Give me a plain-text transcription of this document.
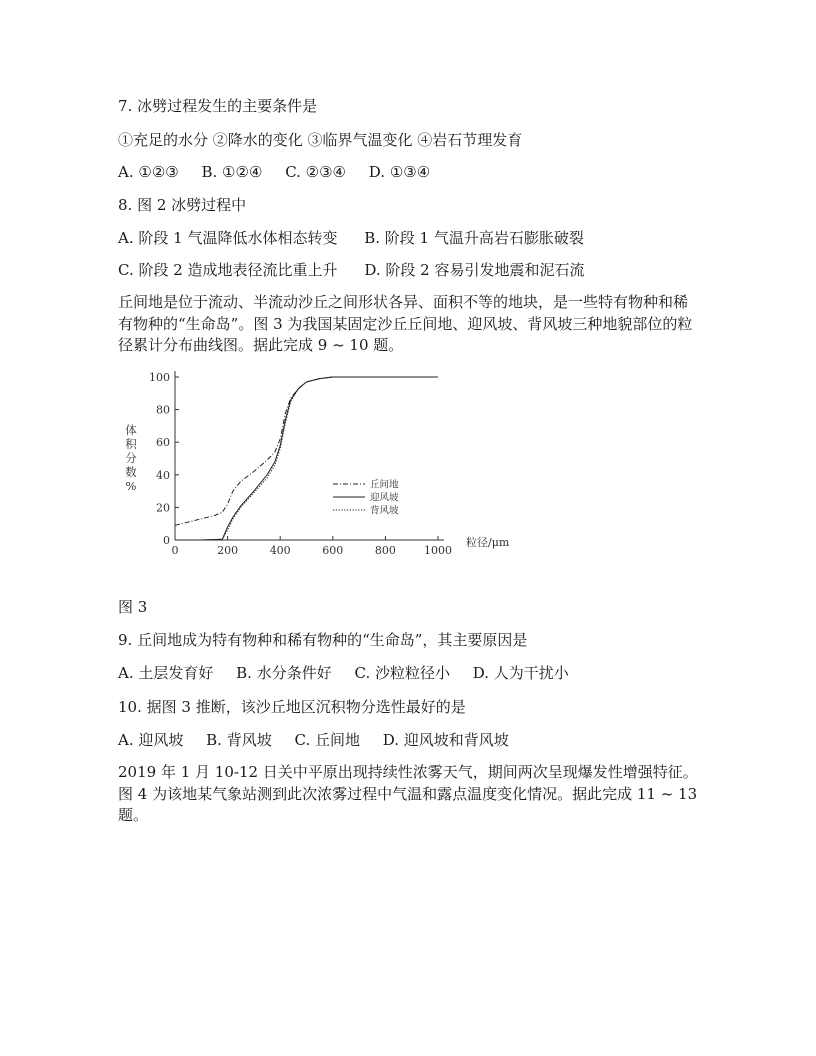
7. 冰劈过程发生的主要条件是
①充足的水分 ②降水的变化 ③临界气温变化 ④岩石节理发育
A. ①②③ B. ①②④ C. ②③④ D. ①③④
8. 图 2 冰劈过程中
A. 阶段 1 气温降低水体相态转变 B. 阶段 1 气温升高岩石膨胀破裂
C. 阶段 2 造成地表径流比重上升 D. 阶段 2 容易引发地震和泥石流
丘间地是位于流动、半流动沙丘之间形状各异、面积不等的地块，是一些特有物种和稀有物种的“生命岛”。图 3 为我国某固定沙丘丘间地、迎风坡、背风坡三种地貌部位的粒径累计分布曲线图。据此完成 9 ~ 10 题。
0
20
40
60
80
100
0	200	400	600	800	1000
粒径/μm
体
积
分
数
%	丘间地
迎风坡
背风坡
图 3
9. 丘间地成为特有物种和稀有物种的“生命岛”，其主要原因是
A. 土层发育好 B. 水分条件好 C. 沙粒粒径小 D. 人为干扰小
10. 据图 3 推断，该沙丘地区沉积物分选性最好的是
A. 迎风坡 B. 背风坡 C. 丘间地 D. 迎风坡和背风坡
2019 年 1 月 10-12 日关中平原出现持续性浓雾天气，期间两次呈现爆发性增强特征。图 4 为该地某气象站测到此次浓雾过程中气温和露点温度变化情况。据此完成 11 ~ 13 题。
